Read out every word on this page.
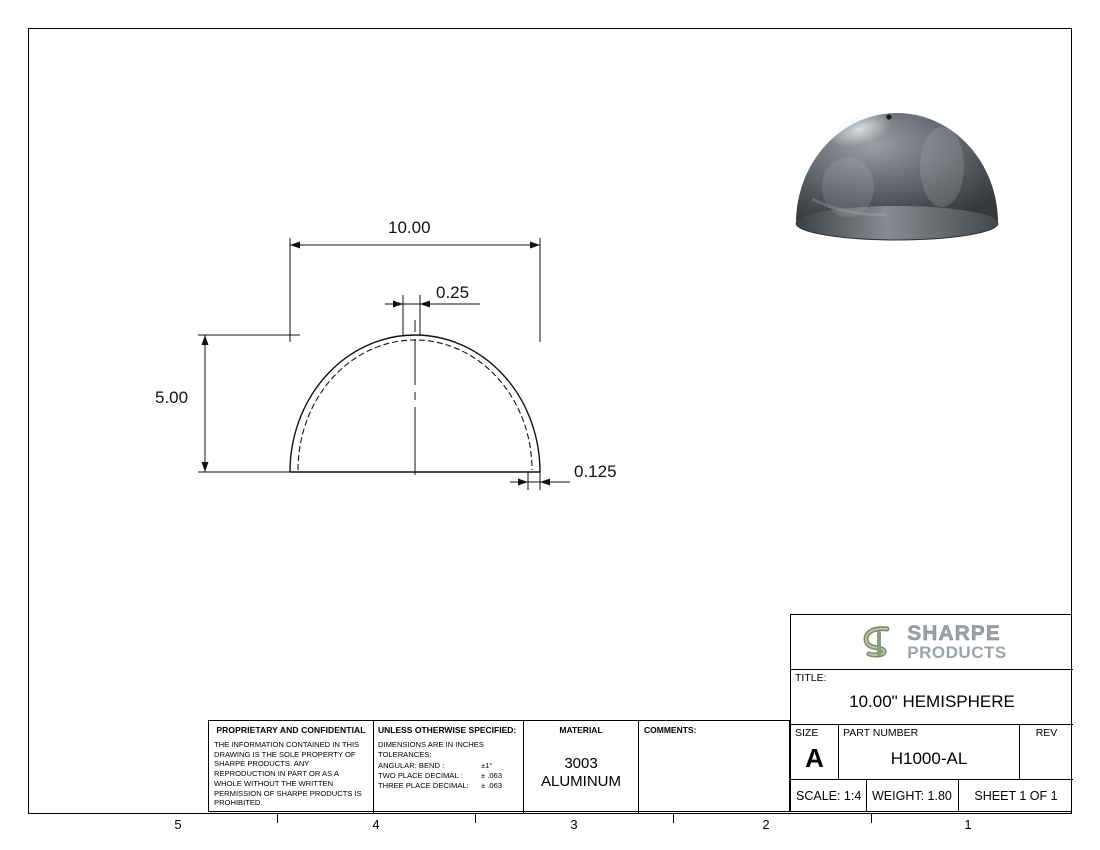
10.00
0.25
5.00
0.125
SHARPE
PRODUCTS
TITLE:
10.00" HEMISPHERE
SIZE
A
PART NUMBER
H1000-AL
REV
SCALE: 1:4 WEIGHT: 1.80	SHEET 1 OF 1
PROPRIETARY AND CONFIDENTIAL
THE INFORMATION CONTAINED IN THIS DRAWING IS THE SOLE PROPERTY OF SHARPE PRODUCTS. ANY REPRODUCTION IN PART OR AS A WHOLE WITHOUT THE WRITTEN PERMISSION OF SHARPE PRODUCTS IS PROHIBITED.
UNLESS OTHERWISE SPECIFIED:
DIMENSIONS ARE IN INCHES
TOLERANCES:
ANGULAR: BEND :	±1°
TWO PLACE DECIMAL :	± .063
THREE PLACE DECIMAL:	± .063
MATERIAL
3003
ALUMINUM
COMMENTS:
5	4	3	2	1
